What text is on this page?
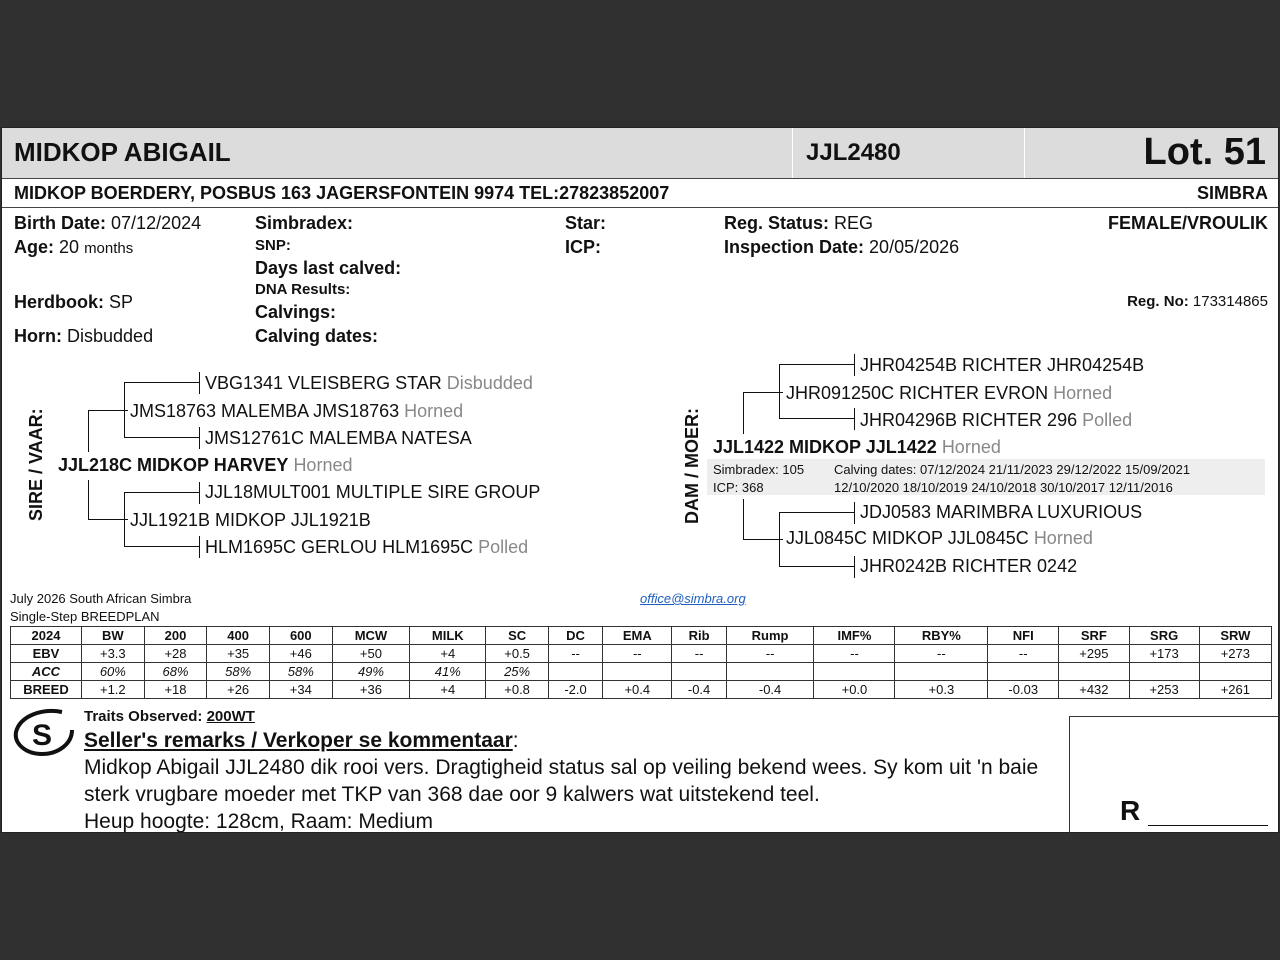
MIDKOP ABIGAIL	JJL2480	Lot. 51
MIDKOP BOERDERY, POSBUS 163 JAGERSFONTEIN 9974 TEL:27823852007	SIMBRA
Birth Date: 07/12/2024
Age: 20 months
Herdbook: SP
Horn: Disbudded
Simbradex:
SNP:
Days last calved:
DNA Results:
Calvings:
Calving dates:
Star:
ICP:
Reg. Status: REG
Inspection Date: 20/05/2026
FEMALE/VROULIK
Reg. No: 173314865
SIRE / VAAR:
VBG1341 VLEISBERG STAR Disbudded
JMS18763 MALEMBA JMS18763 Horned
JMS12761C MALEMBA NATESA
JJL218C MIDKOP HARVEY Horned
JJL18MULT001 MULTIPLE SIRE GROUP
JJL1921B MIDKOP JJL1921B
HLM1695C GERLOU HLM1695C Polled
DAM / MOER:
JHR04254B RICHTER JHR04254B
JHR091250C RICHTER EVRON Horned
JHR04296B RICHTER 296 Polled
JJL1422 MIDKOP JJL1422 Horned
Simbradex: 105
ICP: 368
Calving dates: 07/12/2024 21/11/2023 29/12/2022 15/09/2021
12/10/2020 18/10/2019 24/10/2018 30/10/2017 12/11/2016
JDJ0583 MARIMBRA LUXURIOUS
JJL0845C MIDKOP JJL0845C Horned
JHR0242B RICHTER 0242
July 2026 South African Simbra
Single-Step BREEDPLAN
office@simbra.org
2024	BW	200	400	600	MCW	MILK	SC	DC	EMA	Rib	Rump	IMF%	RBY%	NFI	SRF	SRG	SRW
EBV	+3.3	+28	+35	+46	+50	+4	+0.5	--	--	--	--	--	--	--	+295	+173	+273
ACC	60%	68%	58%	58%	49%	41%	25%										
BREED	+1.2	+18	+26	+34	+36	+4	+0.8	-2.0	+0.4	-0.4	-0.4	+0.0	+0.3	-0.03	+432	+253	+261
S
Traits Observed: 200WT
Seller's remarks / Verkoper se kommentaar:
Midkop Abigail JJL2480 dik rooi vers. Dragtigheid status sal op veiling bekend wees. Sy kom uit 'n baie sterk vrugbare moeder met TKP van 368 dae oor 9 kalwers wat uitstekend teel.
Heup hoogte: 128cm, Raam: Medium	R
